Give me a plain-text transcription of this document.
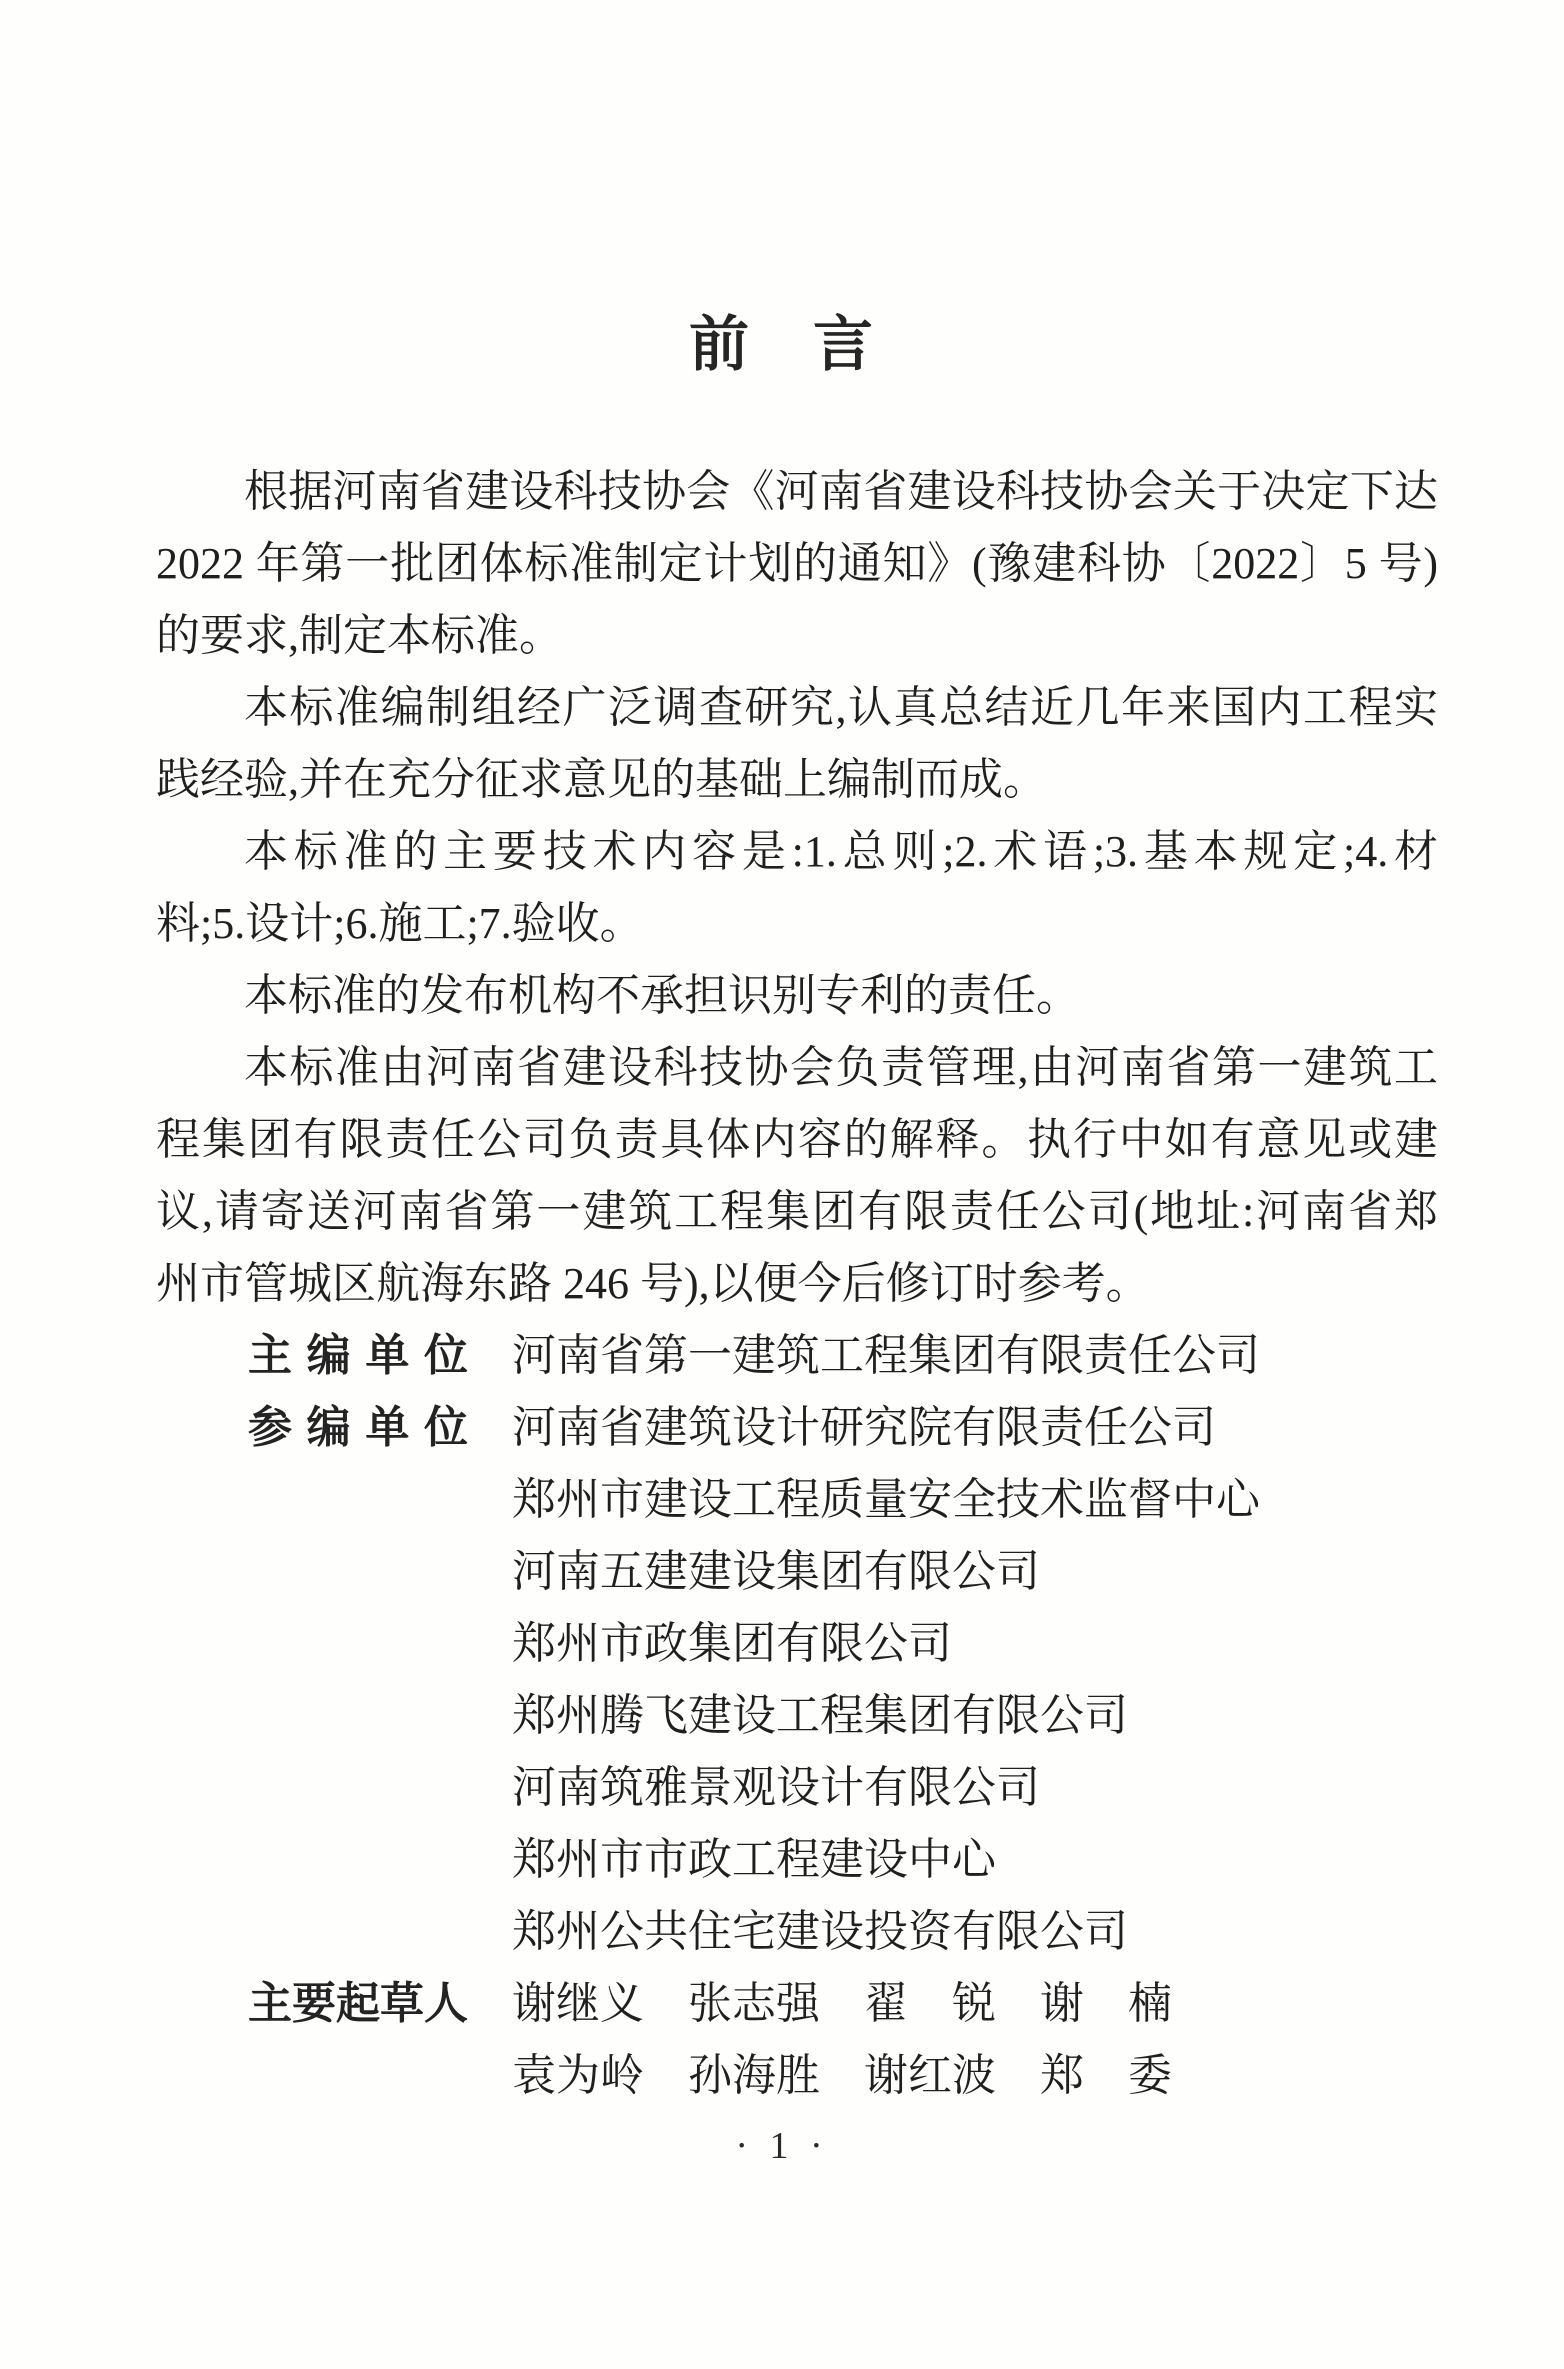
前　言
根据河南省建设科技协会《河南省建设科技协会关于决定下达
2022 年第一批团体标准制定计划的通知》(豫建科协〔2022〕5 号)
的要求,制定本标准。
本标准编制组经广泛调查研究,认真总结近几年来国内工程实
践经验,并在充分征求意见的基础上编制而成。
本标准的主要技术内容是:1.总则;2.术语;3.基本规定;4.材
料;5.设计;6.施工;7.验收。
本标准的发布机构不承担识别专利的责任。
本标准由河南省建设科技协会负责管理,由河南省第一建筑工
程集团有限责任公司负责具体内容的解释。执行中如有意见或建
议,请寄送河南省第一建筑工程集团有限责任公司(地址:河南省郑
州市管城区航海东路 246 号),以便今后修订时参考。
主 编 单 位 河南省第一建筑工程集团有限责任公司
参 编 单 位 河南省建筑设计研究院有限责任公司
郑州市建设工程质量安全技术监督中心
河南五建建设集团有限公司
郑州市政集团有限公司
郑州腾飞建设工程集团有限公司
河南筑雅景观设计有限公司
郑州市市政工程建设中心
郑州公共住宅建设投资有限公司
主要起草人 谢继义 张志强 翟 锐 谢 楠
袁为岭 孙海胜 谢红波 郑 委
· 1 ·
